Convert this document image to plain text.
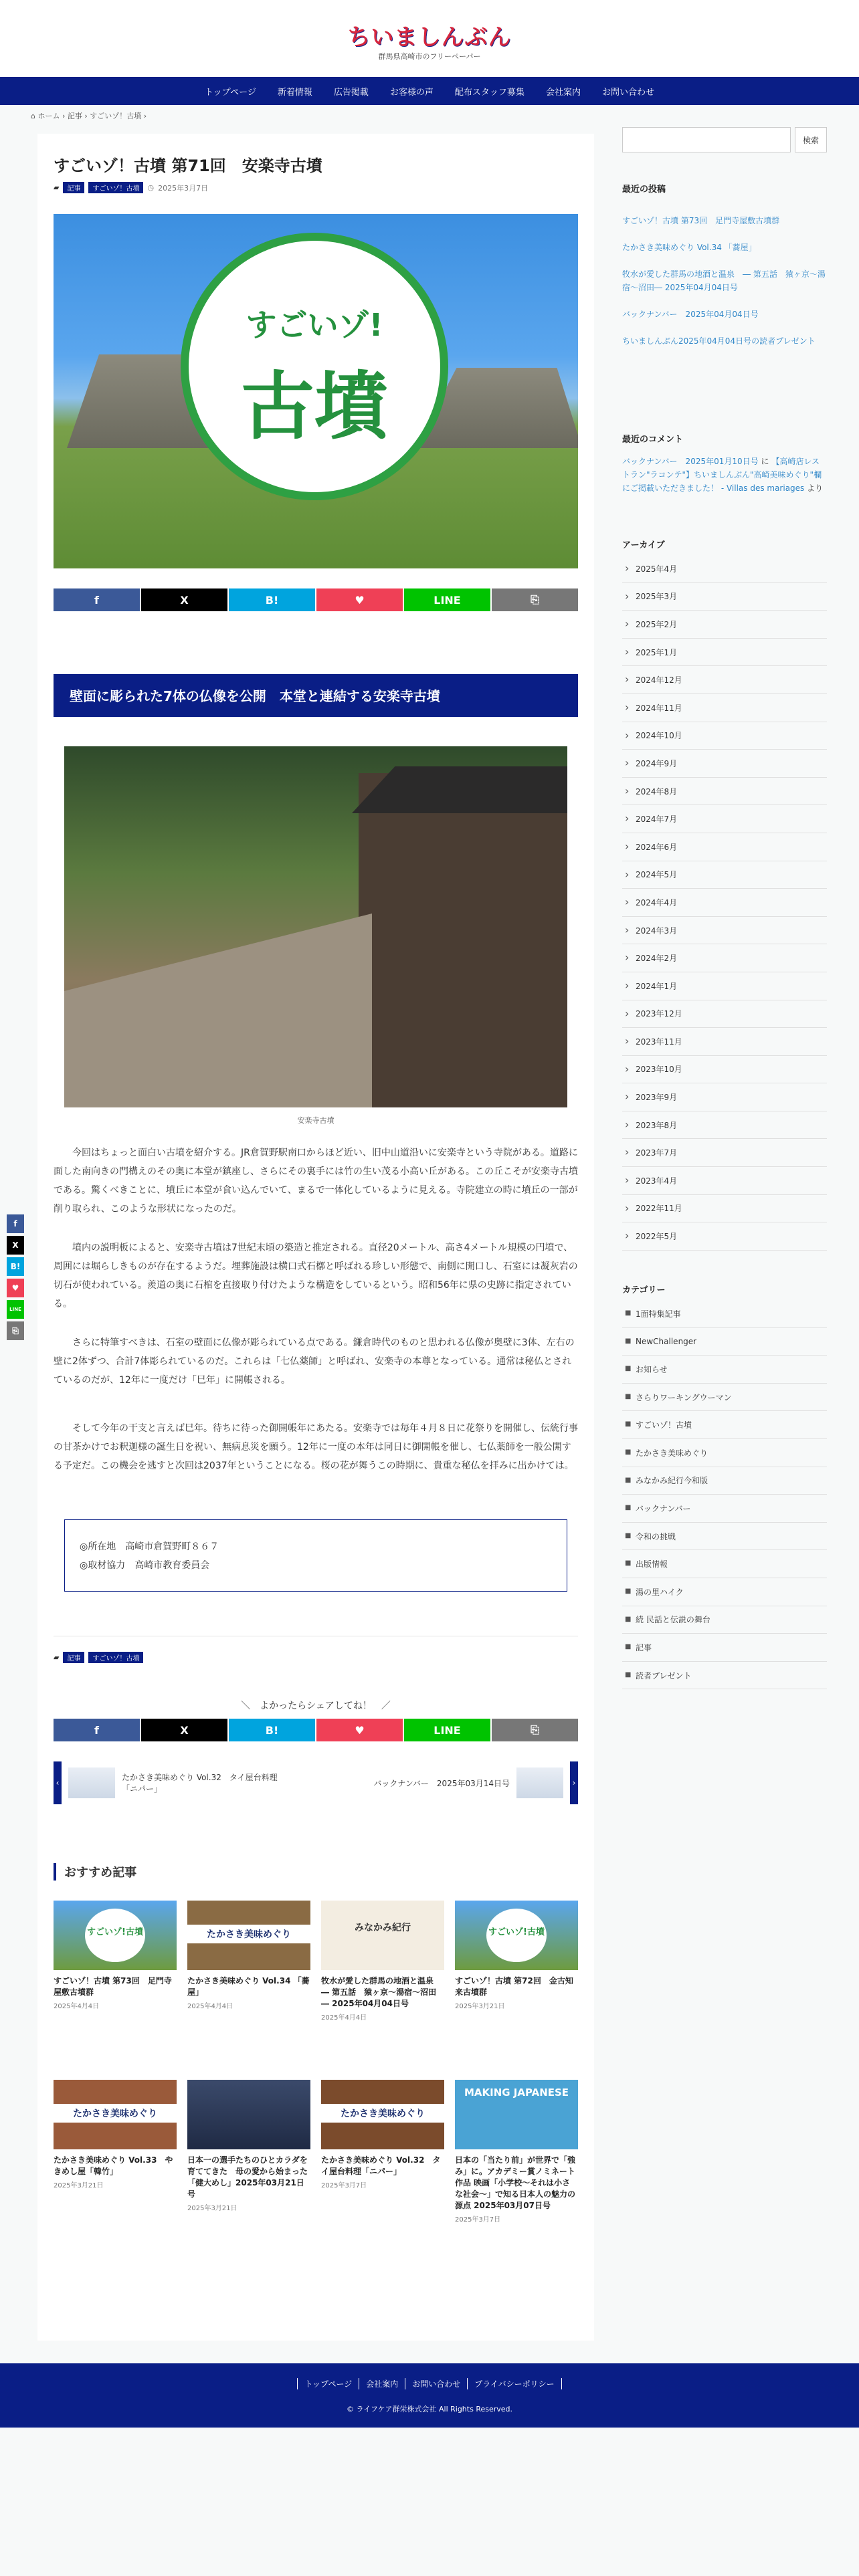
ちいましんぶん
群馬県高崎市のフリーペーパー
トップページ	新着情報	広告掲載	お客様の声	配布スタッフ募集	会社案内	お問い合わせ
⌂ ホーム › 記事 › すごいゾ！古墳 ›
f
X
B!
♥
LINE
⎘
すごいゾ！古墳 第71回　安楽寺古墳
▰	記事	すごいゾ！古墳	◷ 2025年3月7日
すごいゾ!
古墳
f	X	B!	♥	LINE	⎘
壁面に彫られた7体の仏像を公開　本堂と連結する安楽寺古墳
安楽寺古墳

今回はちょっと面白い古墳を紹介する。JR倉賀野駅南口からほど近い、旧中山道沿いに安楽寺という寺院がある。道路に面した南向きの門構えのその奥に本堂が鎮座し、さらにその裏手には竹の生い茂る小高い丘がある。この丘こそが安楽寺古墳である。驚くべきことに、墳丘に本堂が食い込んでいて、まるで一体化しているように見える。寺院建立の時に墳丘の一部が削り取られ、このような形状になったのだ。

墳内の説明板によると、安楽寺古墳は7世紀末頃の築造と推定される。直径20メートル、高さ4メートル規模の円墳で、周囲には堀らしきものが存在するようだ。埋葬施設は横口式石槨と呼ばれる珍しい形態で、南側に開口し、石室には凝灰岩の切石が使われている。羨道の奥に石棺を直接取り付けたような構造をしているという。昭和56年に県の史跡に指定されている。

さらに特筆すべきは、石室の壁面に仏像が彫られている点である。鎌倉時代のものと思われる仏像が奥壁に3体、左右の壁に2体ずつ、合計7体彫られているのだ。これらは「七仏薬師」と呼ばれ、安楽寺の本尊となっている。通常は秘仏とされているのだが、12年に一度だけ「巳年」に開帳される。

そして今年の干支と言えば巳年。待ちに待った御開帳年にあたる。安楽寺では毎年４月８日に花祭りを開催し、伝統行事の甘茶かけでお釈迦様の誕生日を祝い、無病息災を願う。12年に一度の本年は同日に御開帳を催し、七仏薬師を一般公開する予定だ。この機会を逃すと次回は2037年ということになる。桜の花が舞うこの時期に、貴重な秘仏を拝みに出かけては。

◎所在地　高崎市倉賀野町８６７
◎取材協力　高崎市教育委員会
▰	記事	すごいゾ！古墳
＼　よかったらシェアしてね！　／
f	X	B!	♥	LINE	⎘
‹
たかさき美味めぐり Vol.32　タイ屋台料理「ニパー」
バックナンバー　2025年03月14日号	›
おすすめ記事
すごいゾ!古墳
すごいゾ！古墳 第73回　足門寺屋敷古墳群
2025年4月4日
たかさき美味めぐり
たかさき美味めぐり Vol.34 「蕎屋」
2025年4月4日
みなかみ紀行
牧水が愛した群馬の地酒と温泉　― 第五話　猿ヶ京〜湯宿〜沼田― 2025年04月04日号
2025年4月4日
すごいゾ!古墳
すごいゾ！古墳 第72回　金古知来古墳群
2025年3月21日
たかさき美味めぐり
たかさき美味めぐり Vol.33　やきめし屋「韓竹」
2025年3月21日
日本一の選手たちのひとカラダを育ててきた　母の愛から始まった「健大めし」2025年03月21日号
2025年3月21日
たかさき美味めぐり
たかさき美味めぐり Vol.32　タイ屋台料理「ニパー」
2025年3月7日
MAKING JAPANESE
日本の「当たり前」が世界で「強み」に。アカデミー賞ノミネート作品 映画「小学校〜それは小さな社会〜」で知る日本人の魅力の源点 2025年03月07日号
2025年3月7日
検索
最近の投稿
すごいゾ！古墳 第73回　足門寺屋敷古墳群
たかさき美味めぐり Vol.34 「蕎屋」
牧水が愛した群馬の地酒と温泉　― 第五話　猿ヶ京〜湯宿〜沼田― 2025年04月04日号
バックナンバー　2025年04月04日号
ちいましんぶん2025年04月04日号の読者プレゼント
最近のコメント
バックナンバー　2025年01月10日号 に 【高崎店レストラン"ラコンテ"】ちいましんぶん"高崎美味めぐり"欄にご掲載いただきました！ - Villas des mariages より
アーカイブ
› 2025年4月
› 2025年3月
› 2025年2月
› 2025年1月
› 2024年12月
› 2024年11月
› 2024年10月
› 2024年9月
› 2024年8月
› 2024年7月
› 2024年6月
› 2024年5月
› 2024年4月
› 2024年3月
› 2024年2月
› 2024年1月
› 2023年12月
› 2023年11月
› 2023年10月
› 2023年9月
› 2023年8月
› 2023年7月
› 2023年4月
› 2022年11月
› 2022年5月
カテゴリー
■ 1面特集記事
■ NewChallenger
■ お知らせ
■ さらりワーキングウーマン
■ すごいゾ！古墳
■ たかさき美味めぐり
■ みなかみ紀行今和版
■ バックナンバー
■ 令和の挑戦
■ 出版情報
■ 湯の里ハイク
■ 続 民話と伝説の舞台
■ 記事
■ 読者プレゼント
トップページ	会社案内	お問い合わせ	プライバシーポリシー
© ライフケア群栄株式会社 All Rights Reserved.
